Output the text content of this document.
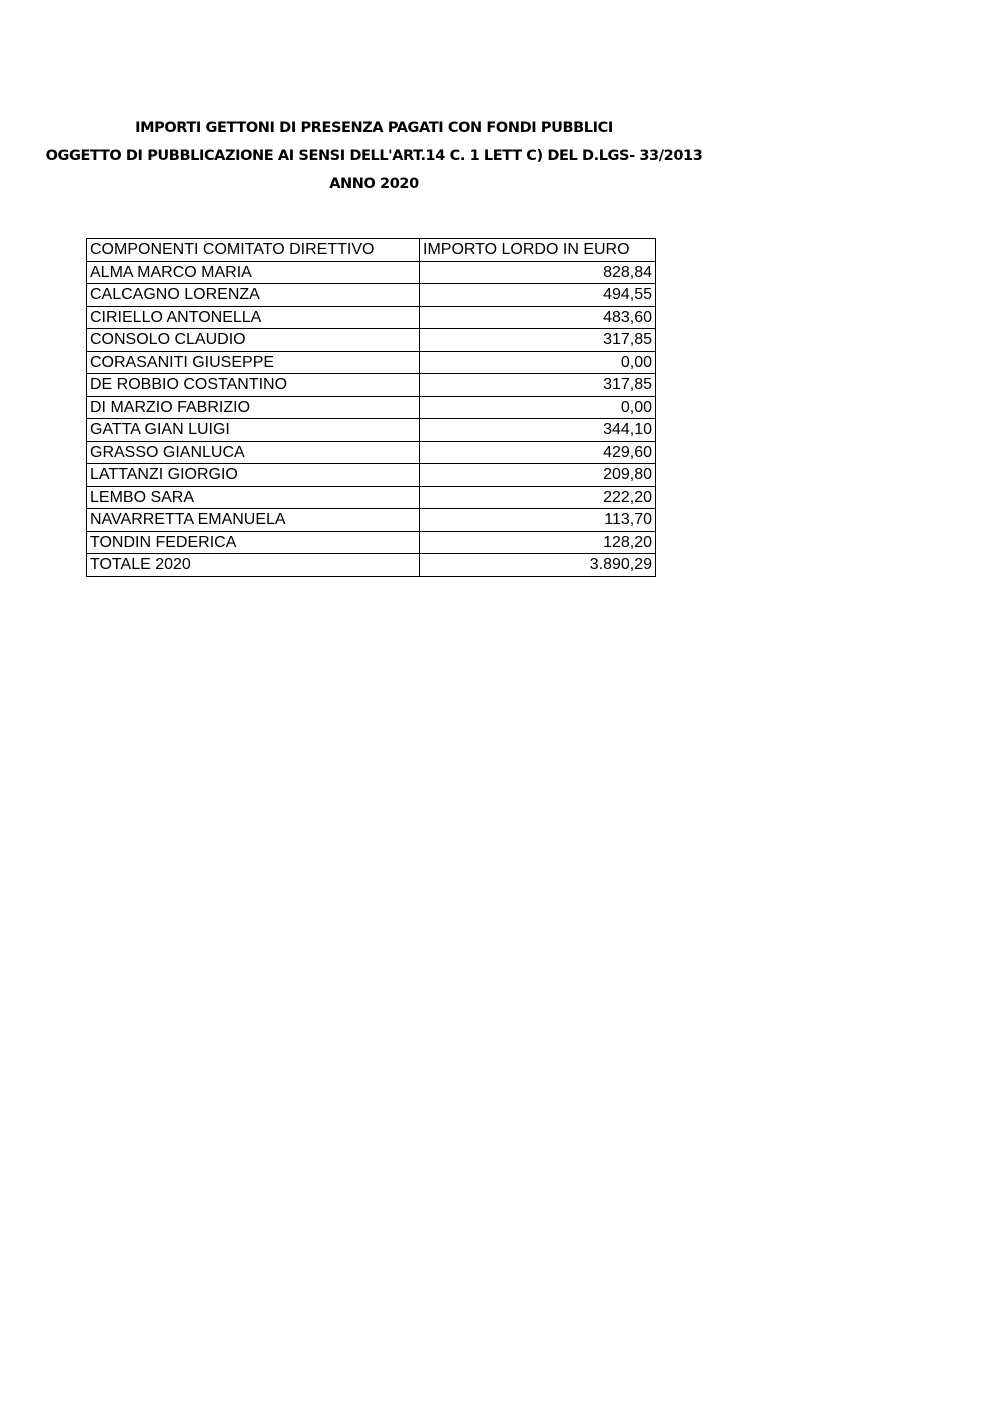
IMPORTI GETTONI DI PRESENZA PAGATI CON FONDI PUBBLICI
OGGETTO DI PUBBLICAZIONE AI SENSI DELL'ART.14 C. 1 LETT C) DEL D.LGS- 33/2013
ANNO 2020
COMPONENTI COMITATO DIRETTIVO	IMPORTO LORDO IN EURO
ALMA MARCO MARIA	828,84
CALCAGNO LORENZA	494,55
CIRIELLO ANTONELLA	483,60
CONSOLO CLAUDIO	317,85
CORASANITI GIUSEPPE	0,00
DE ROBBIO COSTANTINO	317,85
DI MARZIO FABRIZIO	0,00
GATTA GIAN LUIGI	344,10
GRASSO GIANLUCA	429,60
LATTANZI GIORGIO	209,80
LEMBO SARA	222,20
NAVARRETTA EMANUELA	113,70
TONDIN FEDERICA	128,20
TOTALE 2020	3.890,29
